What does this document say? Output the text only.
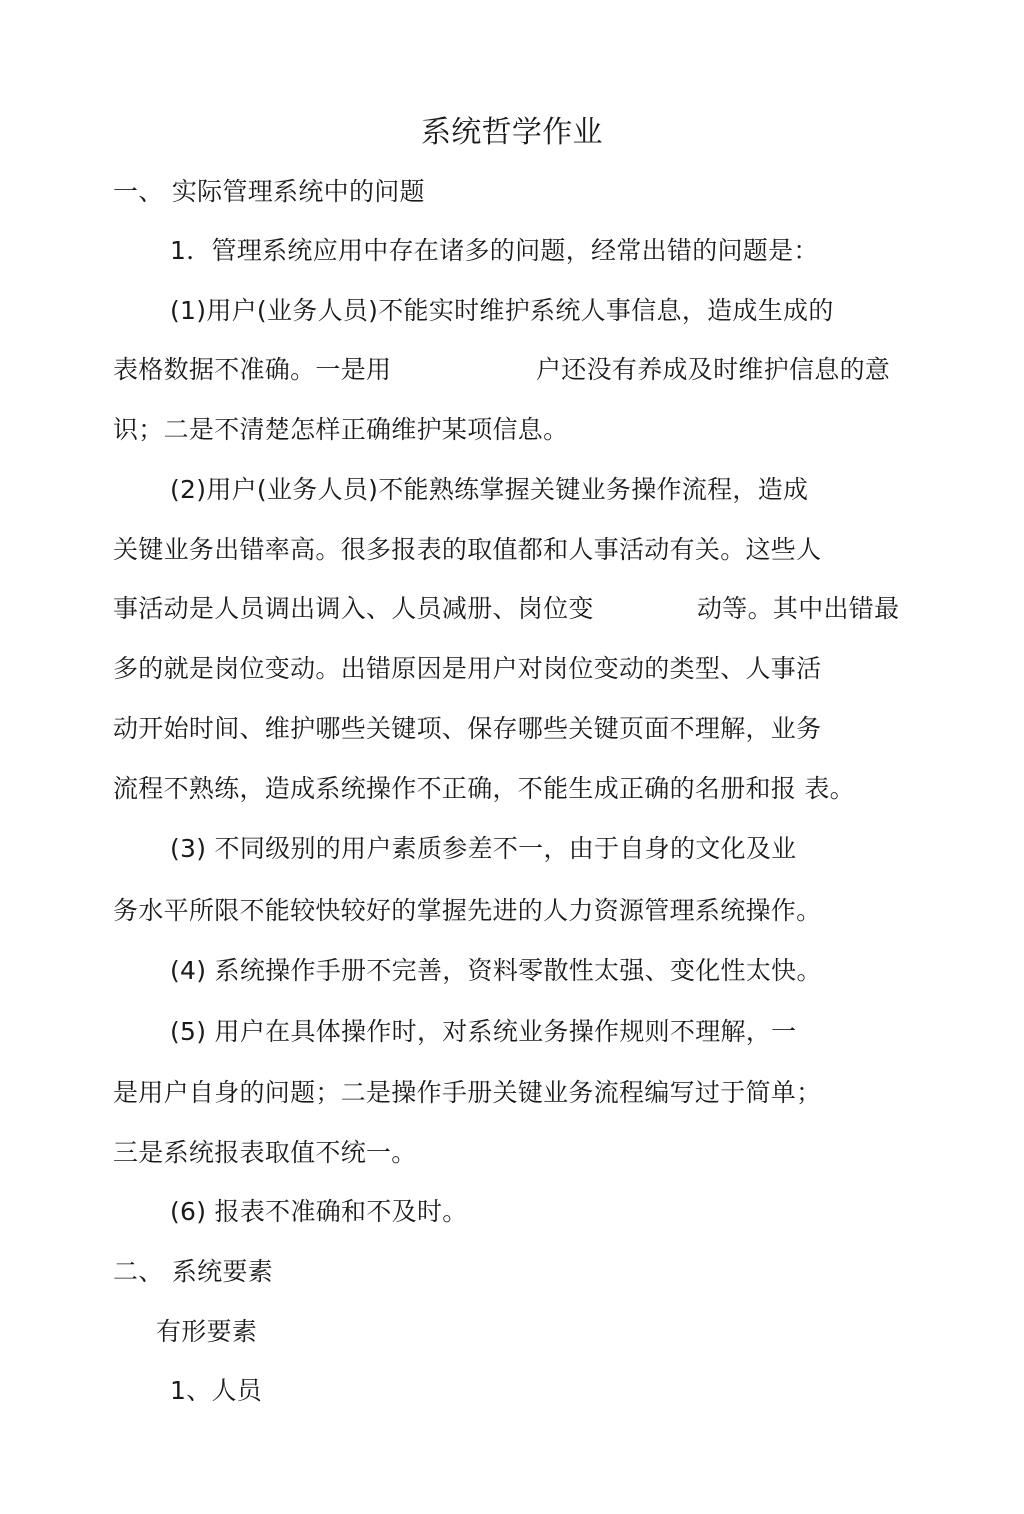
系统哲学作业
一、 实际管理系统中的问题
1．管理系统应用中存在诸多的问题，经常出错的问题是：
(1)用户(业务人员)不能实时维护系统人事信息，造成生成的
表格数据不准确。一是用	户还没有养成及时维护信息的意
识；二是不清楚怎样正确维护某项信息。
(2)用户(业务人员)不能熟练掌握关键业务操作流程，造成
关键业务出错率高。很多报表的取值都和人事活动有关。这些人
事活动是人员调出调入、人员减册、岗位变	动等。其中出错最
多的就是岗位变动。出错原因是用户对岗位变动的类型、人事活
动开始时间、维护哪些关键项、保存哪些关键页面不理解，业务
流程不熟练，造成系统操作不正确，不能生成正确的名册和报 表。
(3) 不同级别的用户素质参差不一，由于自身的文化及业
务水平所限不能较快较好的掌握先进的人力资源管理系统操作。
(4) 系统操作手册不完善，资料零散性太强、变化性太快。
(5) 用户在具体操作时，对系统业务操作规则不理解，一
是用户自身的问题；二是操作手册关键业务流程编写过于简单；
三是系统报表取值不统一。
(6) 报表不准确和不及时。
二、 系统要素
有形要素
1、人员
